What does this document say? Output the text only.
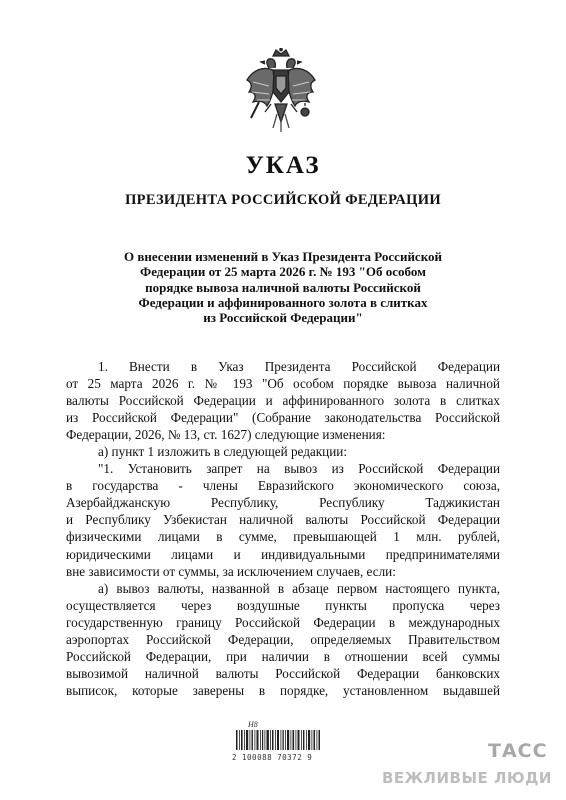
УКАЗ
ПРЕЗИДЕНТА РОССИЙСКОЙ ФЕДЕРАЦИИ
О внесении изменений в Указ Президента Российской
Федерации от 25 марта 2026 г. № 193 "Об особом
порядке вывоза наличной валюты Российской
Федерации и аффинированного золота в слитках
из Российской Федерации"
1. Внести в Указ Президента Российской Федерации
от 25 марта 2026 г. № 193 "Об особом порядке вывоза наличной
валюты Российской Федерации и аффинированного золота в слитках
из Российской Федерации" (Собрание законодательства Российской
Федерации, 2026, № 13, ст. 1627) следующие изменения:
а) пункт 1 изложить в следующей редакции:
"1. Установить запрет на вывоз из Российской Федерации
в государства - члены Евразийского экономического союза,
Азербайджанскую Республику, Республику Таджикистан
и Республику Узбекистан наличной валюты Российской Федерации
физическими лицами в сумме, превышающей 1 млн. рублей,
юридическими лицами и индивидуальными предпринимателями
вне зависимости от суммы, за исключением случаев, если:
а) вывоз валюты, названной в абзаце первом настоящего пункта,
осуществляется через воздушные пункты пропуска через
государственную границу Российской Федерации в международных
аэропортах Российской Федерации, определяемых Правительством
Российской Федерации, при наличии в отношении всей суммы
вывозимой наличной валюты Российской Федерации банковских
выписок, которые заверены в порядке, установленном выдавшей
Н8
2 100088 70372 9	ТАСС
ВЕЖЛИВЫЕ ЛЮДИ
